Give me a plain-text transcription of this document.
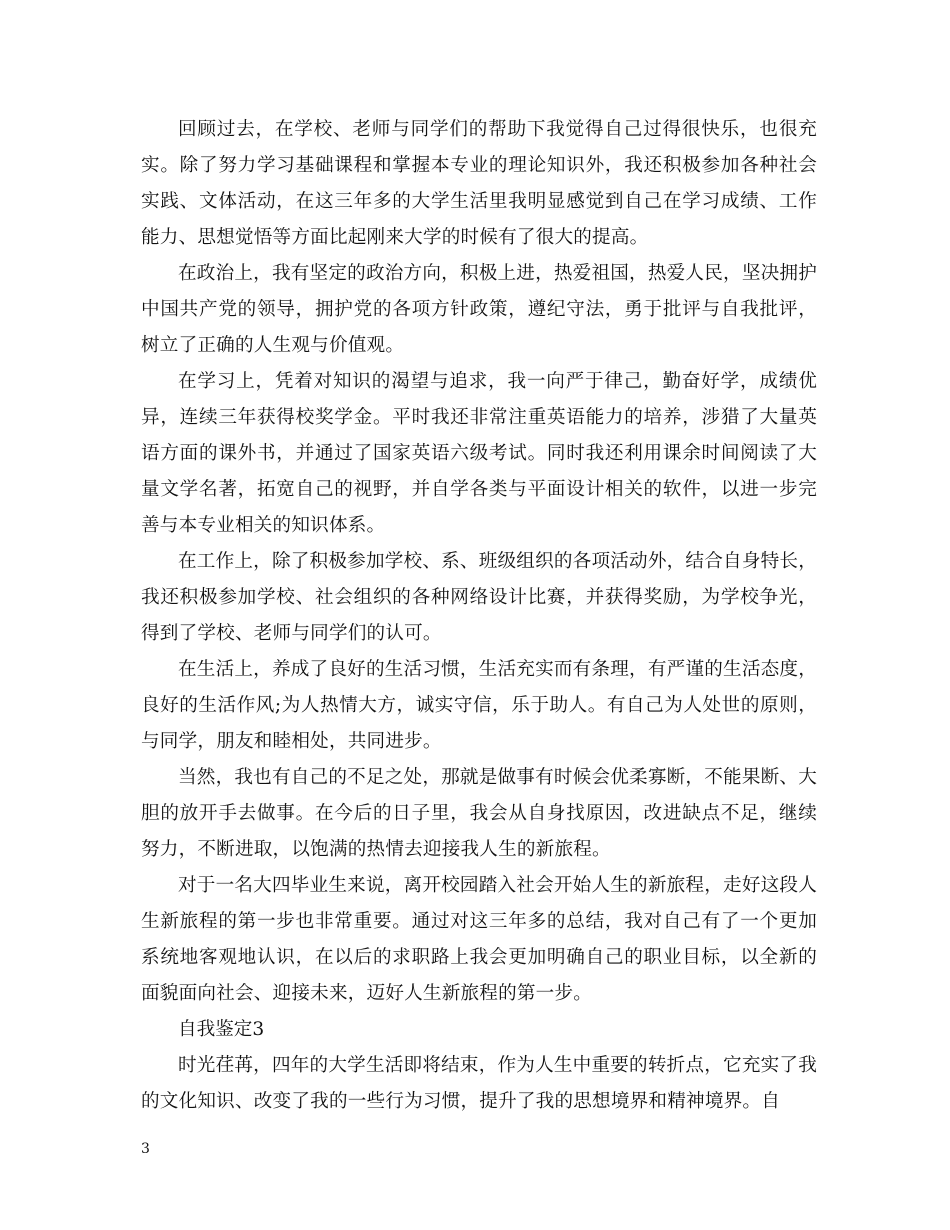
回顾过去，在学校、老师与同学们的帮助下我觉得自己过得很快乐，也很充实。除了努力学习基础课程和掌握本专业的理论知识外，我还积极参加各种社会实践、文体活动，在这三年多的大学生活里我明显感觉到自己在学习成绩、工作能力、思想觉悟等方面比起刚来大学的时候有了很大的提高。

在政治上，我有坚定的政治方向，积极上进，热爱祖国，热爱人民，坚决拥护中国共产党的领导，拥护党的各项方针政策，遵纪守法，勇于批评与自我批评，树立了正确的人生观与价值观。

在学习上，凭着对知识的渴望与追求，我一向严于律己，勤奋好学，成绩优异，连续三年获得校奖学金。平时我还非常注重英语能力的培养，涉猎了大量英语方面的课外书，并通过了国家英语六级考试。同时我还利用课余时间阅读了大量文学名著，拓宽自己的视野，并自学各类与平面设计相关的软件，以进一步完善与本专业相关的知识体系。

在工作上，除了积极参加学校、系、班级组织的各项活动外，结合自身特长，我还积极参加学校、社会组织的各种网络设计比赛，并获得奖励，为学校争光，得到了学校、老师与同学们的认可。

在生活上，养成了良好的生活习惯，生活充实而有条理，有严谨的生活态度，良好的生活作风;为人热情大方，诚实守信，乐于助人。有自己为人处世的原则，与同学，朋友和睦相处，共同进步。

当然，我也有自己的不足之处，那就是做事有时候会优柔寡断，不能果断、大胆的放开手去做事。在今后的日子里，我会从自身找原因，改进缺点不足，继续努力，不断进取，以饱满的热情去迎接我人生的新旅程。

对于一名大四毕业生来说，离开校园踏入社会开始人生的新旅程，走好这段人生新旅程的第一步也非常重要。通过对这三年多的总结，我对自己有了一个更加系统地客观地认识，在以后的求职路上我会更加明确自己的职业目标，以全新的面貌面向社会、迎接未来，迈好人生新旅程的第一步。

自我鉴定3

时光荏苒，四年的大学生活即将结束，作为人生中重要的转折点，它充实了我的文化知识、改变了我的一些行为习惯，提升了我的思想境界和精神境界。自

3
